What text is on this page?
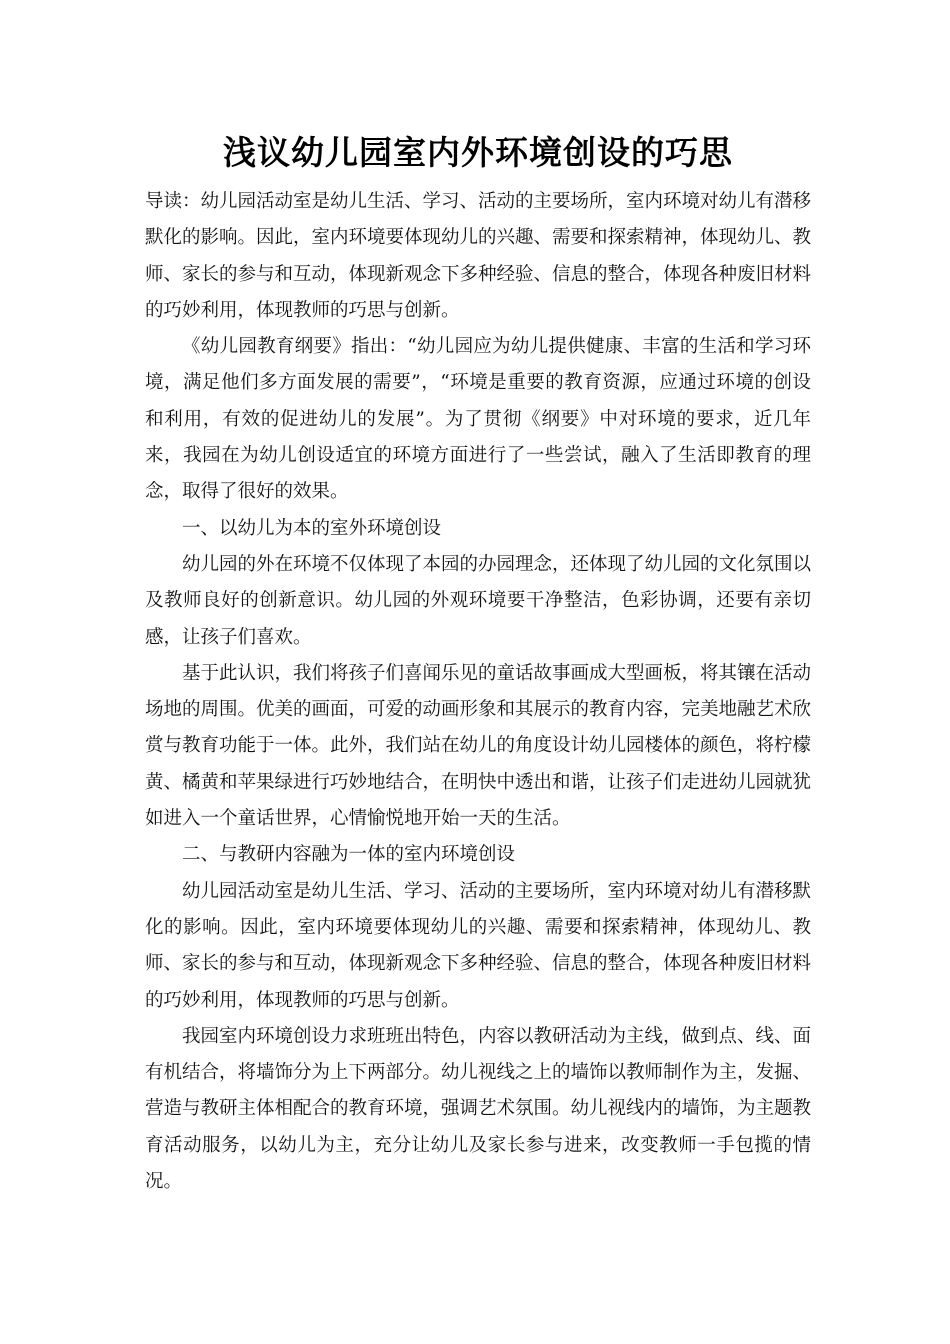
浅议幼儿园室内外环境创设的巧思

导读：幼儿园活动室是幼儿生活、学习、活动的主要场所，室内环境对幼儿有潜移默化的影响。因此，室内环境要体现幼儿的兴趣、需要和探索精神，体现幼儿、教师、家长的参与和互动，体现新观念下多种经验、信息的整合，体现各种废旧材料的巧妙利用，体现教师的巧思与创新。

《幼儿园教育纲要》指出：“幼儿园应为幼儿提供健康、丰富的生活和学习环境，满足他们多方面发展的需要”，“环境是重要的教育资源，应通过环境的创设和利用，有效的促进幼儿的发展”。为了贯彻《纲要》中对环境的要求，近几年来，我园在为幼儿创设适宜的环境方面进行了一些尝试，融入了生活即教育的理念，取得了很好的效果。

一、以幼儿为本的室外环境创设

幼儿园的外在环境不仅体现了本园的办园理念，还体现了幼儿园的文化氛围以及教师良好的创新意识。幼儿园的外观环境要干净整洁，色彩协调，还要有亲切感，让孩子们喜欢。

基于此认识，我们将孩子们喜闻乐见的童话故事画成大型画板，将其镶在活动场地的周围。优美的画面，可爱的动画形象和其展示的教育内容，完美地融艺术欣赏与教育功能于一体。此外，我们站在幼儿的角度设计幼儿园楼体的颜色，将柠檬黄、橘黄和苹果绿进行巧妙地结合，在明快中透出和谐，让孩子们走进幼儿园就犹如进入一个童话世界，心情愉悦地开始一天的生活。

二、与教研内容融为一体的室内环境创设

幼儿园活动室是幼儿生活、学习、活动的主要场所，室内环境对幼儿有潜移默化的影响。因此，室内环境要体现幼儿的兴趣、需要和探索精神，体现幼儿、教师、家长的参与和互动，体现新观念下多种经验、信息的整合，体现各种废旧材料的巧妙利用，体现教师的巧思与创新。

我园室内环境创设力求班班出特色，内容以教研活动为主线，做到点、线、面有机结合，将墙饰分为上下两部分。幼儿视线之上的墙饰以教师制作为主，发掘、营造与教研主体相配合的教育环境，强调艺术氛围。幼儿视线内的墙饰，为主题教育活动服务，以幼儿为主，充分让幼儿及家长参与进来，改变教师一手包揽的情况。
